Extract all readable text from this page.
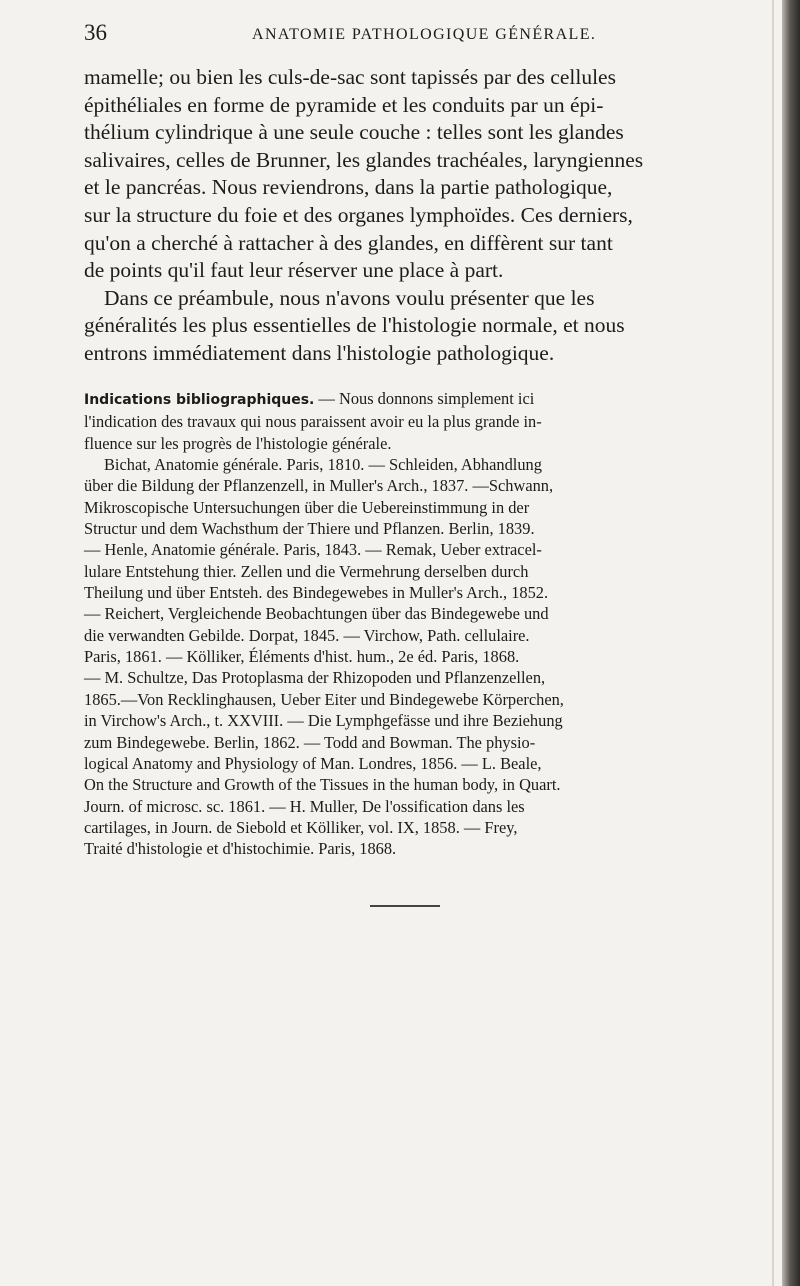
36	ANATOMIE PATHOLOGIQUE GÉNÉRALE.
mamelle; ou bien les culs-de-sac sont tapissés par des cellules
épithéliales en forme de pyramide et les conduits par un épi-
thélium cylindrique à une seule couche : telles sont les glandes
salivaires, celles de Brunner, les glandes trachéales, laryngiennes
et le pancréas. Nous reviendrons, dans la partie pathologique,
sur la structure du foie et des organes lymphoïdes. Ces derniers,
qu'on a cherché à rattacher à des glandes, en diffèrent sur tant
de points qu'il faut leur réserver une place à part.
Dans ce préambule, nous n'avons voulu présenter que les
généralités les plus essentielles de l'histologie normale, et nous
entrons immédiatement dans l'histologie pathologique.
Indications bibliographiques. — Nous donnons simplement ici
l'indication des travaux qui nous paraissent avoir eu la plus grande in-
fluence sur les progrès de l'histologie générale.
Bichat, Anatomie générale. Paris, 1810. — Schleiden, Abhandlung
über die Bildung der Pflanzenzell, in Muller's Arch., 1837. —Schwann,
Mikroscopische Untersuchungen über die Uebereinstimmung in der
Structur und dem Wachsthum der Thiere und Pflanzen. Berlin, 1839.
— Henle, Anatomie générale. Paris, 1843. — Remak, Ueber extracel-
lulare Entstehung thier. Zellen und die Vermehrung derselben durch
Theilung und über Entsteh. des Bindegewebes in Muller's Arch., 1852.
— Reichert, Vergleichende Beobachtungen über das Bindegewebe und
die verwandten Gebilde. Dorpat, 1845. — Virchow, Path. cellulaire.
Paris, 1861. — Kölliker, Éléments d'hist. hum., 2e éd. Paris, 1868.
— M. Schultze, Das Protoplasma der Rhizopoden und Pflanzenzellen,
1865.—Von Recklinghausen, Ueber Eiter und Bindegewebe Körperchen,
in Virchow's Arch., t. XXVIII. — Die Lymphgefässe und ihre Beziehung
zum Bindegewebe. Berlin, 1862. — Todd and Bowman. The physio-
logical Anatomy and Physiology of Man. Londres, 1856. — L. Beale,
On the Structure and Growth of the Tissues in the human body, in Quart.
Journ. of microsc. sc. 1861. — H. Muller, De l'ossification dans les
cartilages, in Journ. de Siebold et Kölliker, vol. IX, 1858. — Frey,
Traité d'histologie et d'histochimie. Paris, 1868.
